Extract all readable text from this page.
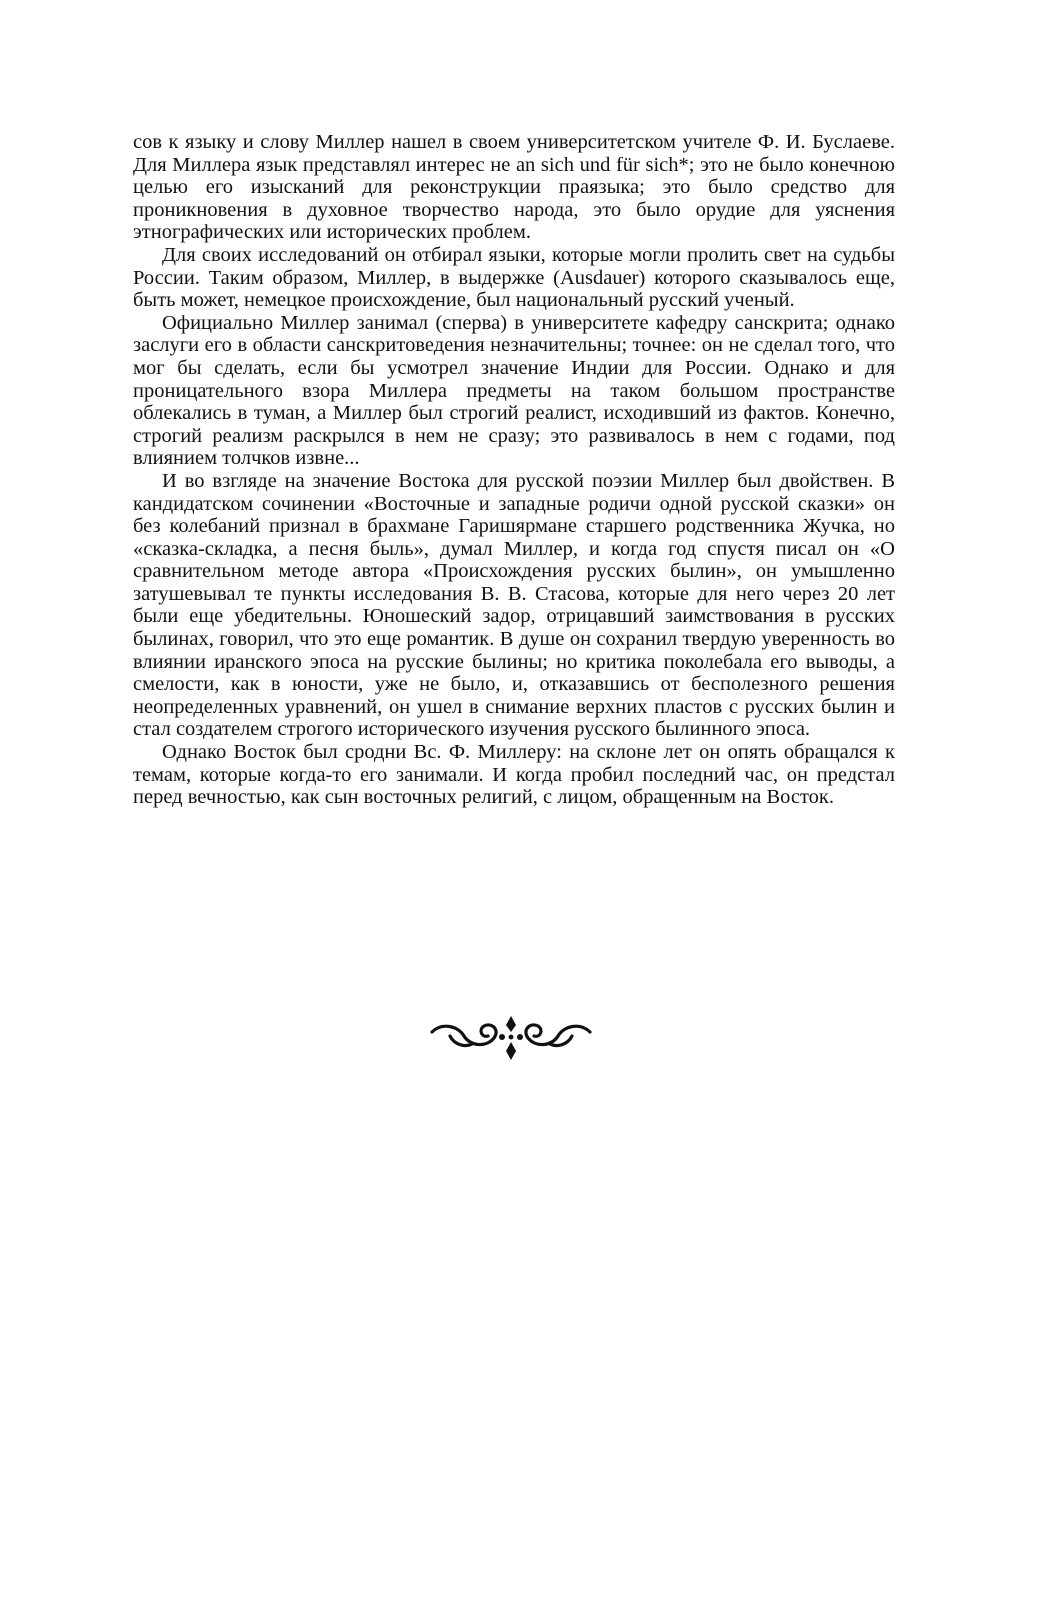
сов к языку и слову Миллер нашел в своем университетском учителе Ф. И. Буслаеве. Для Миллера язык представлял интерес не an sich und für sich*; это не было конечною целью его изысканий для реконструкции праязыка; это было средство для проникновения в духовное творчество народа, это было орудие для уяснения этнографических или исторических проблем.

Для своих исследований он отбирал языки, которые могли пролить свет на судьбы России. Таким образом, Миллер, в выдержке (Ausdauer) которого сказывалось еще, быть может, немецкое происхождение, был национальный русский ученый.

Официально Миллер занимал (сперва) в университете кафедру санскрита; однако заслуги его в области санскритоведения незначительны; точнее: он не сделал того, что мог бы сделать, если бы усмотрел значение Индии для России. Однако и для проницательного взора Миллера предметы на таком большом пространстве облекались в туман, а Миллер был строгий реалист, исходивший из фактов. Конечно, строгий реализм раскрылся в нем не сразу; это развивалось в нем с годами, под влиянием толчков извне...

И во взгляде на значение Востока для русской поэзии Миллер был двойствен. В кандидатском сочинении «Восточные и западные родичи одной русской сказки» он без колебаний признал в брахмане Гаришярмане старшего родственника Жучка, но «сказка-складка, а песня быль», думал Миллер, и когда год спустя писал он «О сравнительном методе автора «Происхождения русских былин», он умышленно затушевывал те пункты исследования В. В. Стасова, которые для него через 20 лет были еще убедительны. Юношеский задор, отрицавший заимствования в русских былинах, говорил, что это еще романтик. В душе он сохранил твердую уверенность во влиянии иранского эпоса на русские былины; но критика поколебала его выводы, а смелости, как в юности, уже не было, и, отказавшись от бесполезного решения неопределенных уравнений, он ушел в снимание верхних пластов с русских былин и стал создателем строгого исторического изучения русского былинного эпоса.

Однако Восток был сродни Вс. Ф. Миллеру: на склоне лет он опять обращался к темам, которые когда-то его занимали. И когда пробил последний час, он предстал перед вечностью, как сын восточных религий, с лицом, обращенным на Восток.
